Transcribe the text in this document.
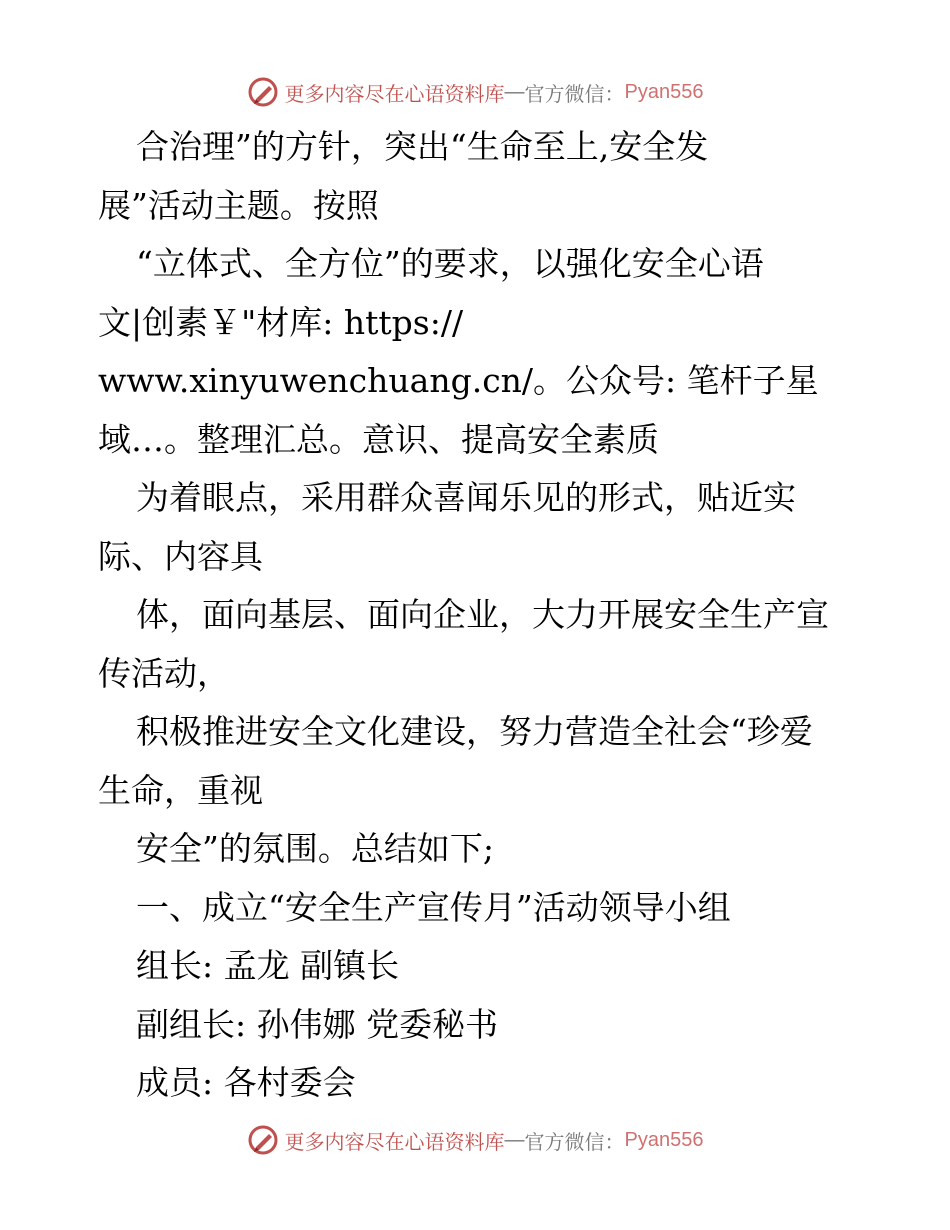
更多内容尽在心语资料库 — 官方微信： Pyan556
合治理”的方针，突出“生命至上,安全发
展”活动主题。按照
“立体式、全方位”的要求，以强化安全心语
文|创素￥"材库: https://
www.xinyuwenchuang.cn/。公众号: 笔杆子星
域…。整理汇总。意识、提高安全素质
为着眼点，采用群众喜闻乐见的形式，贴近实
际、内容具
体，面向基层、面向企业，大力开展安全生产宣
传活动，
积极推进安全文化建设，努力营造全社会“珍爱
生命，重视
安全”的氛围。总结如下;
一、成立“安全生产宣传月”活动领导小组
组长: 孟龙 副镇长
副组长: 孙伟娜 党委秘书
成员: 各村委会
更多内容尽在心语资料库 — 官方微信： Pyan556
